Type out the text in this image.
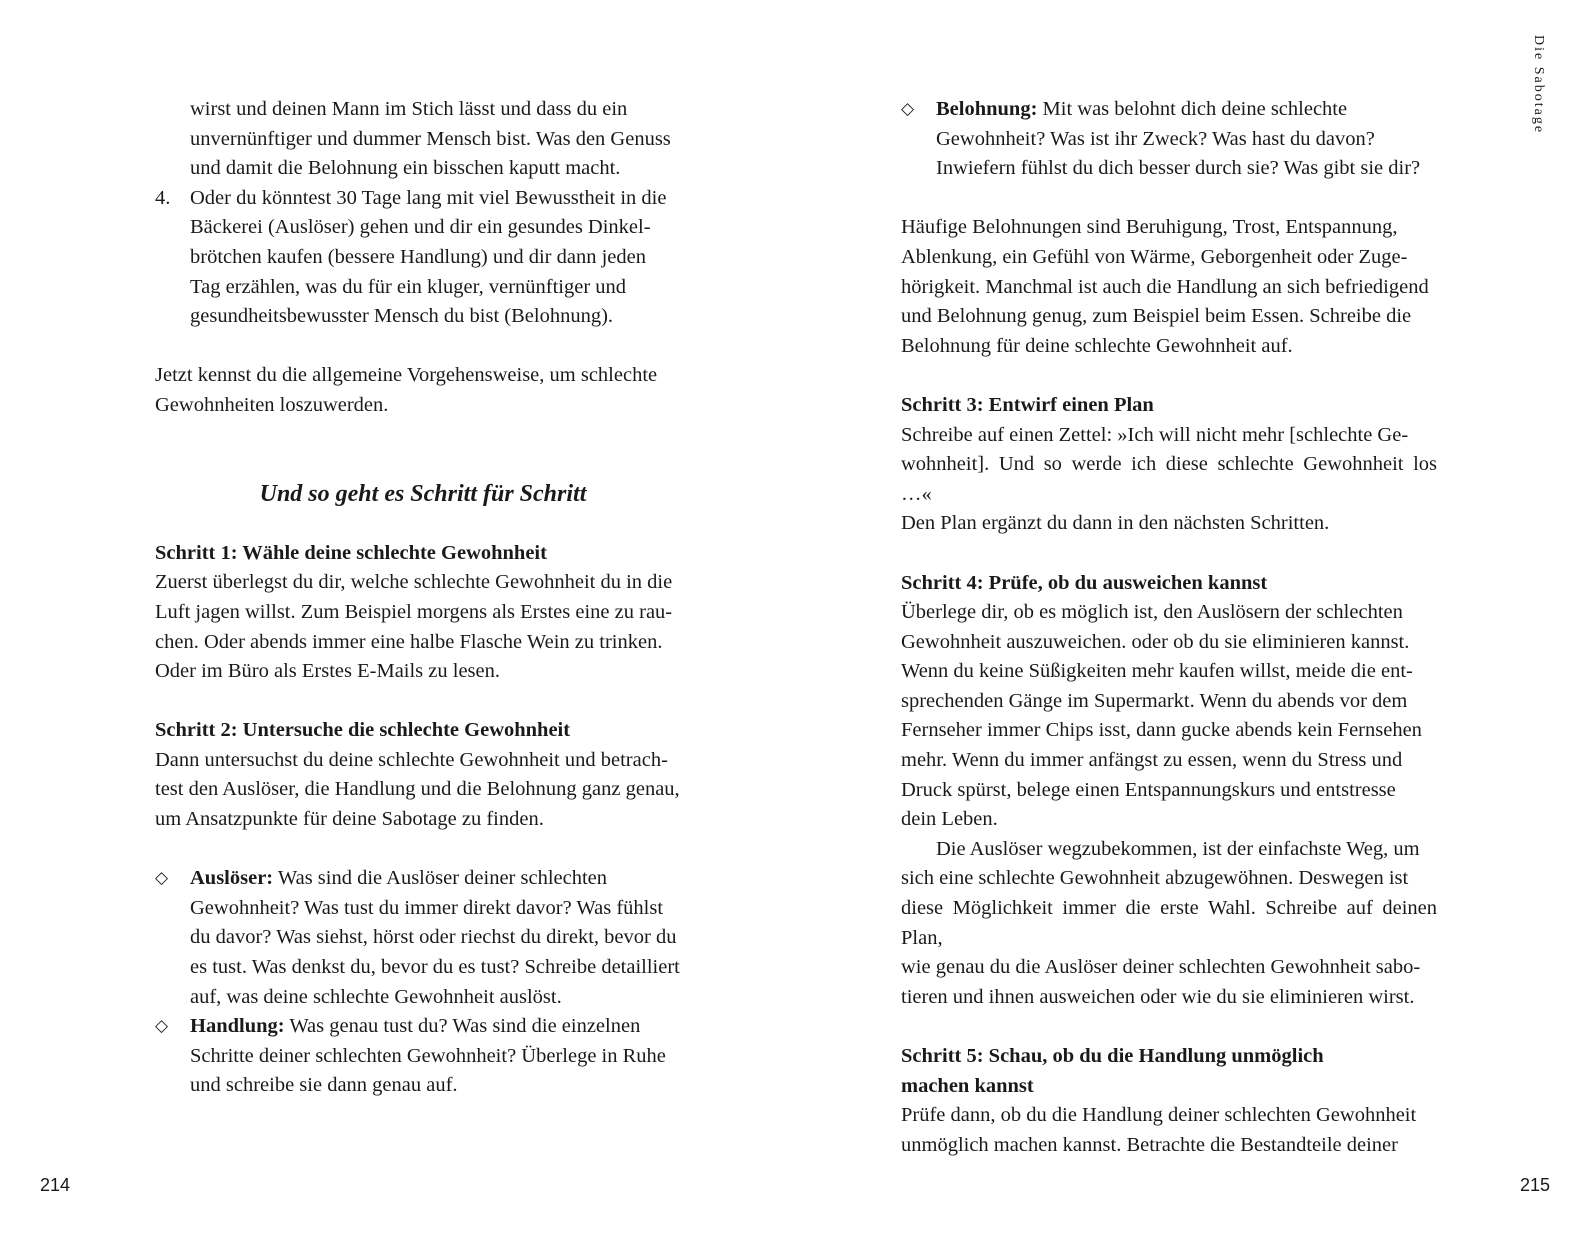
wirst und deinen Mann im Stich lässt und dass du ein
unvernünftiger und dummer Mensch bist. Was den Genuss
und damit die Belohnung ein bisschen kaputt macht.

4. Oder du könntest 30 Tage lang mit viel Bewusstheit in die
Bäckerei (Auslöser) gehen und dir ein gesundes Dinkel-
brötchen kaufen (bessere Handlung) und dir dann jeden
Tag erzählen, was du für ein kluger, vernünftiger und
gesundheitsbewusster Mensch du bist (Belohnung).

Jetzt kennst du die allgemeine Vorgehensweise, um schlechte
Gewohnheiten loszuwerden.

Und so geht es Schritt für Schritt
Schritt 1: Wähle deine schlechte Gewohnheit

Zuerst überlegst du dir, welche schlechte Gewohnheit du in die
Luft jagen willst. Zum Beispiel morgens als Erstes eine zu rau-
chen. Oder abends immer eine halbe Flasche Wein zu trinken.
Oder im Büro als Erstes E-Mails zu lesen.

Schritt 2: Untersuche die schlechte Gewohnheit

Dann untersuchst du deine schlechte Gewohnheit und betrach-
test den Auslöser, die Handlung und die Belohnung ganz genau,
um Ansatzpunkte für deine Sabotage zu finden.

◇ Auslöser: Was sind die Auslöser deiner schlechten
Gewohnheit? Was tust du immer direkt davor? Was fühlst
du davor? Was siehst, hörst oder riechst du direkt, bevor du
es tust. Was denkst du, bevor du es tust? Schreibe detailliert
auf, was deine schlechte Gewohnheit auslöst.
◇ Handlung: Was genau tust du? Was sind die einzelnen
Schritte deiner schlechten Gewohnheit? Überlege in Ruhe
und schreibe sie dann genau auf.
214
◇ Belohnung: Mit was belohnt dich deine schlechte
Gewohnheit? Was ist ihr Zweck? Was hast du davon?
Inwiefern fühlst du dich besser durch sie? Was gibt sie dir?

Häufige Belohnungen sind Beruhigung, Trost, Entspannung,
Ablenkung, ein Gefühl von Wärme, Geborgenheit oder Zuge-
hörigkeit. Manchmal ist auch die Handlung an sich befriedigend
und Belohnung genug, zum Beispiel beim Essen. Schreibe die
Belohnung für deine schlechte Gewohnheit auf.

Schritt 3: Entwirf einen Plan

Schreibe auf einen Zettel: »Ich will nicht mehr [schlechte Ge-
wohnheit]. Und so werde ich diese schlechte Gewohnheit los …«
Den Plan ergänzt du dann in den nächsten Schritten.

Schritt 4: Prüfe, ob du ausweichen kannst

Überlege dir, ob es möglich ist, den Auslösern der schlechten
Gewohnheit auszuweichen. oder ob du sie eliminieren kannst.
Wenn du keine Süßigkeiten mehr kaufen willst, meide die ent-
sprechenden Gänge im Supermarkt. Wenn du abends vor dem
Fernseher immer Chips isst, dann gucke abends kein Fernsehen
mehr. Wenn du immer anfängst zu essen, wenn du Stress und
Druck spürst, belege einen Entspannungskurs und entstresse
dein Leben.

Die Auslöser wegzubekommen, ist der einfachste Weg, um
sich eine schlechte Gewohnheit abzugewöhnen. Deswegen ist
diese Möglichkeit immer die erste Wahl. Schreibe auf deinen Plan,
wie genau du die Auslöser deiner schlechten Gewohnheit sabo-
tieren und ihnen ausweichen oder wie du sie eliminieren wirst.

Schritt 5: Schau, ob du die Handlung unmöglich
machen kannst

Prüfe dann, ob du die Handlung deiner schlechten Gewohnheit
unmöglich machen kannst. Betrachte die Bestandteile deiner

Die Sabotage
215
